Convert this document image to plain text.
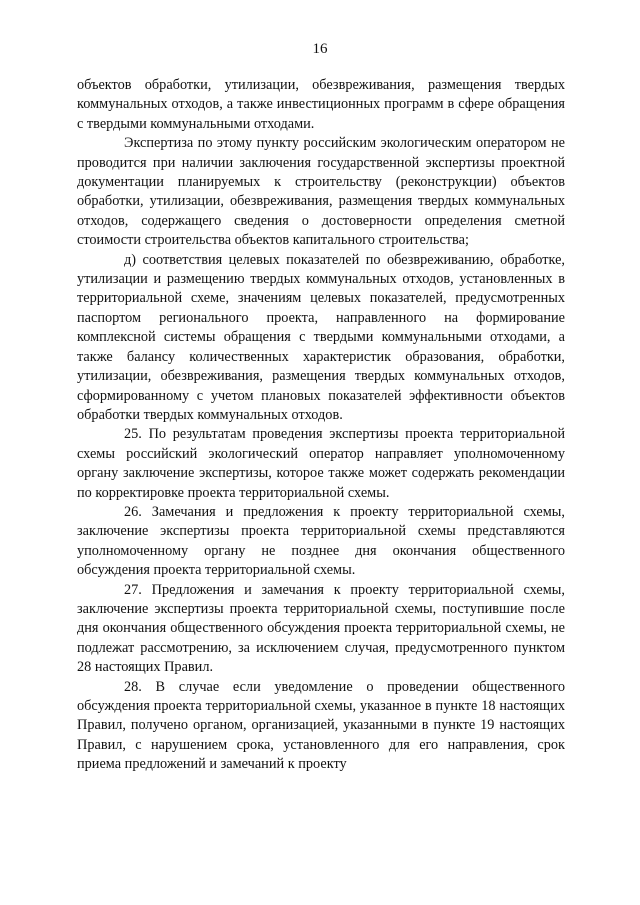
16

объектов обработки, утилизации, обезвреживания, размещения твердых коммунальных отходов, а также инвестиционных программ в сфере обращения с твердыми коммунальными отходами.

Экспертиза по этому пункту российским экологическим оператором не проводится при наличии заключения государственной экспертизы проектной документации планируемых к строительству (реконструкции) объектов обработки, утилизации, обезвреживания, размещения твердых коммунальных отходов, содержащего сведения о достоверности определения сметной стоимости строительства объектов капитального строительства;

д) соответствия целевых показателей по обезвреживанию, обработке, утилизации и размещению твердых коммунальных отходов, установленных в территориальной схеме, значениям целевых показателей, предусмотренных паспортом регионального проекта, направленного на формирование комплексной системы обращения с твердыми коммунальными отходами, а также балансу количественных характеристик образования, обработки, утилизации, обезвреживания, размещения твердых коммунальных отходов, сформированному с учетом плановых показателей эффективности объектов обработки твердых коммунальных отходов.

25. По результатам проведения экспертизы проекта территориальной схемы российский экологический оператор направляет уполномоченному органу заключение экспертизы, которое также может содержать рекомендации по корректировке проекта территориальной схемы.

26. Замечания и предложения к проекту территориальной схемы, заключение экспертизы проекта территориальной схемы представляются уполномоченному органу не позднее дня окончания общественного обсуждения проекта территориальной схемы.

27. Предложения и замечания к проекту территориальной схемы, заключение экспертизы проекта территориальной схемы, поступившие после дня окончания общественного обсуждения проекта территориальной схемы, не подлежат рассмотрению, за исключением случая, предусмотренного пунктом 28 настоящих Правил.

28. В случае если уведомление о проведении общественного обсуждения проекта территориальной схемы, указанное в пункте 18 настоящих Правил, получено органом, организацией, указанными в пункте 19 настоящих Правил, с нарушением срока, установленного для его направления, срок приема предложений и замечаний к проекту
